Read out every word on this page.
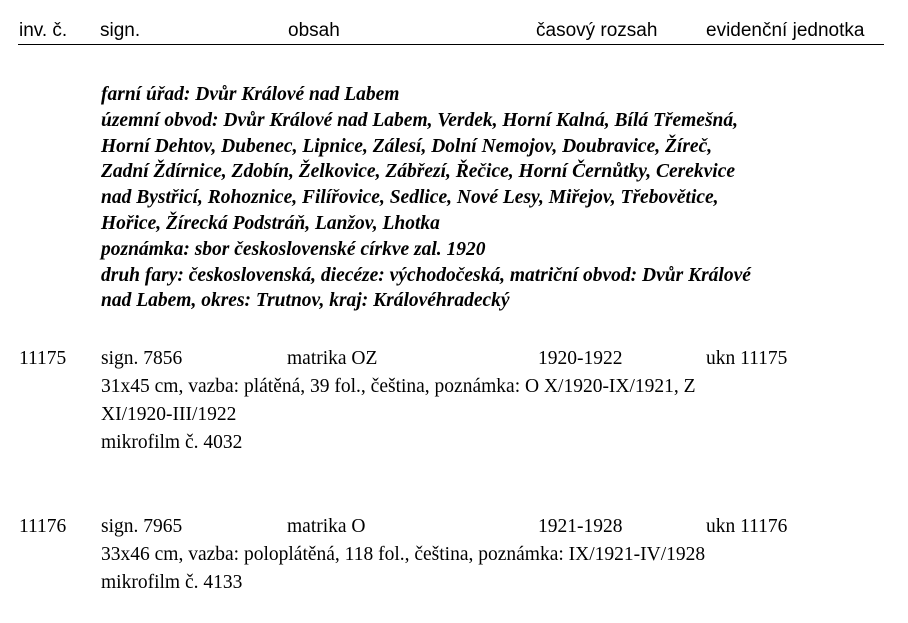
inv. č. sign.	obsah	časový rozsah	evidenční jednotka
farní úřad: Dvůr Králové nad Labem
územní obvod: Dvůr Králové nad Labem, Verdek, Horní Kalná, Bílá Třemešná,
Horní Dehtov, Dubenec, Lipnice, Zálesí, Dolní Nemojov, Doubravice, Žíreč,
Zadní Ždírnice, Zdobín, Želkovice, Zábřezí, Řečice, Horní Černůtky, Cerekvice
nad Bystřicí, Rohoznice, Filířovice, Sedlice, Nové Lesy, Miřejov, Třebovětice,
Hořice, Žírecká Podstráň, Lanžov, Lhotka
poznámka: sbor československé církve zal. 1920
druh fary: československá, diecéze: východočeská, matriční obvod: Dvůr Králové
nad Labem, okres: Trutnov, kraj: Královéhradecký
11175 sign. 7856	matrika OZ	1920-1922	ukn 11175
31x45 cm, vazba: plátěná, 39 fol., čeština, poznámka: O X/1920-IX/1921, Z
XI/1920-III/1922
mikrofilm č. 4032
11176 sign. 7965	matrika O	1921-1928	ukn 11176
33x46 cm, vazba: poloplátěná, 118 fol., čeština, poznámka: IX/1921-IV/1928
mikrofilm č. 4133
